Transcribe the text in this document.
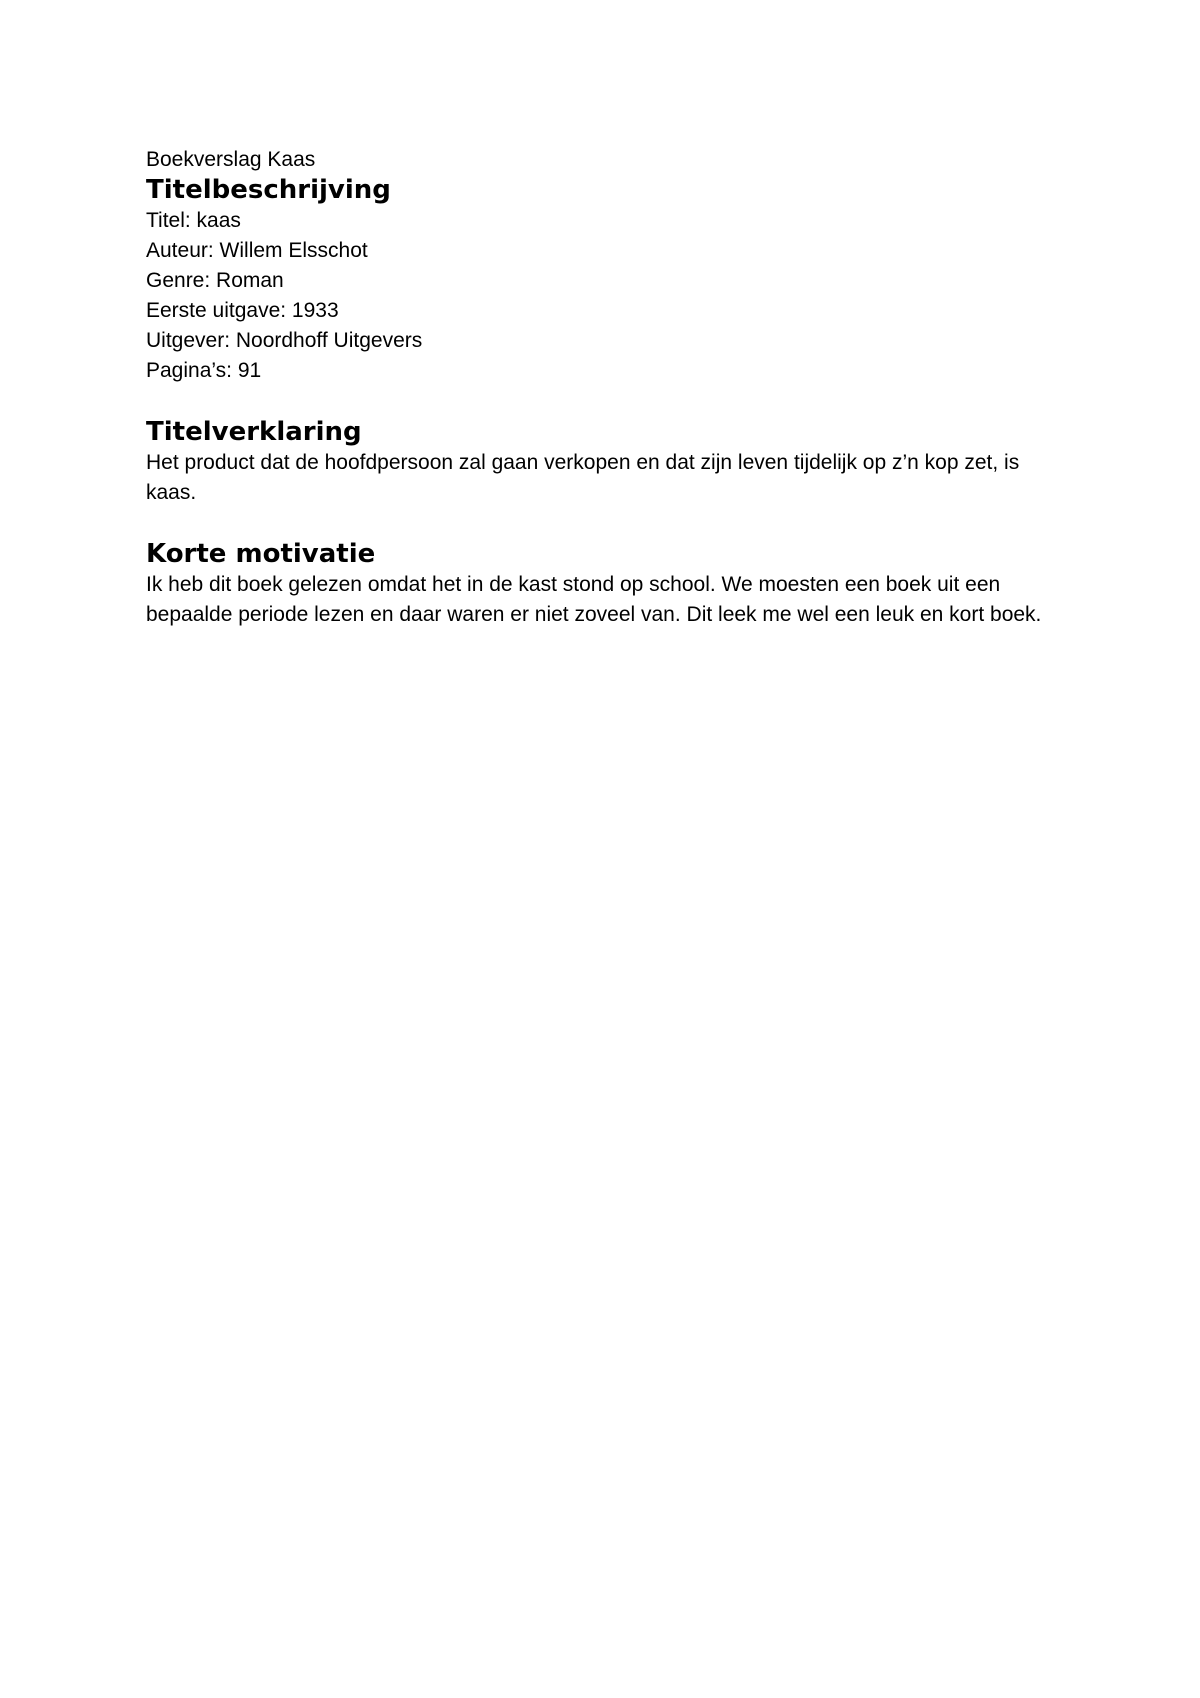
Boekverslag Kaas

Titelbeschrijving

Titel: kaas

Auteur: Willem Elsschot

Genre: Roman

Eerste uitgave: 1933

Uitgever: Noordhoff Uitgevers

Pagina’s: 91

Titelverklaring

Het product dat de hoofdpersoon zal gaan verkopen en dat zijn leven tijdelijk op z’n kop zet, is kaas.

Korte motivatie

Ik heb dit boek gelezen omdat het in de kast stond op school. We moesten een boek uit een bepaalde periode lezen en daar waren er niet zoveel van. Dit leek me wel een leuk en kort boek.
